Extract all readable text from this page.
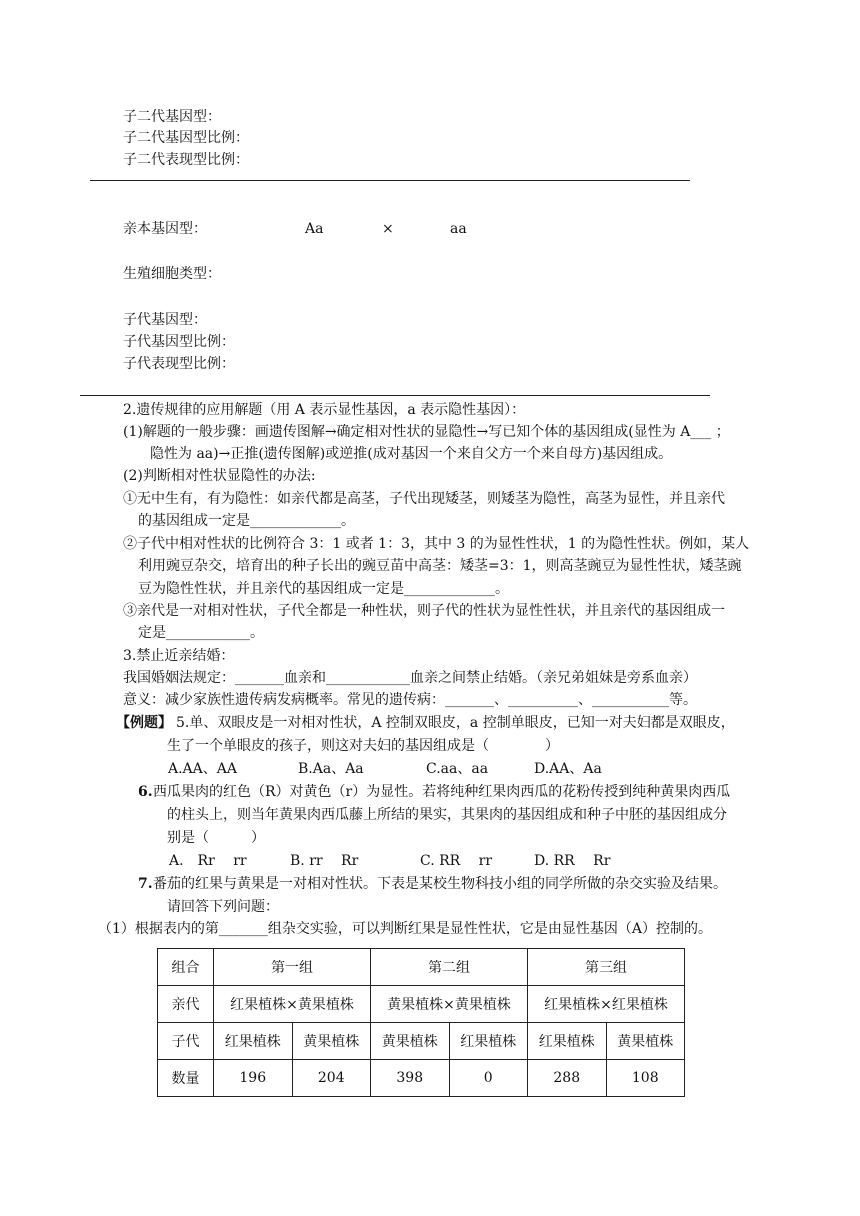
子二代基因型：
子二代基因型比例：
子二代表现型比例：
亲本基因型：	Aa	×	aa
生殖细胞类型：
子代基因型：
子代基因型比例：
子代表现型比例：
2.遗传规律的应用解题（用 A 表示显性基因，a 表示隐性基因）：
(1)解题的一般步骤：画遗传图解→确定相对性状的显隐性→写已知个体的基因组成(显性为 A___ ；
隐性为 aa)→正推(遗传图解)或逆推(成对基因一个来自父方一个来自母方)基因组成。
(2)判断相对性状显隐性的办法:
①无中生有，有为隐性：如亲代都是高茎，子代出现矮茎，则矮茎为隐性，高茎为显性，并且亲代
的基因组成一定是_____________。
②子代中相对性状的比例符合 3：1 或者 1：3，其中 3 的为显性性状，1 的为隐性性状。例如，某人
利用豌豆杂交，培育出的种子长出的豌豆苗中高茎：矮茎=3：1，则高茎豌豆为显性性状，矮茎豌
豆为隐性性状，并且亲代的基因组成一定是_____________。
③亲代是一对相对性状，子代全都是一种性状，则子代的性状为显性性状，并且亲代的基因组成一
定是____________。
3.禁止近亲结婚：
我国婚姻法规定：_______血亲和____________血亲之间禁止结婚。（亲兄弟姐妹是旁系血亲）
意义：减少家族性遗传病发病概率。常见的遗传病：_______、__________、___________等。
【例题】 5.单、双眼皮是一对相对性状，A 控制双眼皮，a 控制单眼皮，已知一对夫妇都是双眼皮，
生了一个单眼皮的孩子，则这对夫妇的基因组成是（　　　　）
A.AA、AA	B.Aa、Aa	C.aa、aa	D.AA、Aa
6. 西瓜果肉的红色（R）对黄色（r）为显性。若将纯种红果肉西瓜的花粉传授到纯种黄果肉西瓜
的柱头上，则当年黄果肉西瓜藤上所结的果实，其果肉的基因组成和种子中胚的基因组成分
别是（　　　）
A.　Rr　 rr	B. rr　 Rr	C. RR　 rr	D. RR　 Rr
7. 番茄的红果与黄果是一对相对性状。下表是某校生物科技小组的同学所做的杂交实验及结果。
请回答下列问题：
（1）根据表内的第_______组杂交实验，可以判断红果是显性性状，它是由显性基因（A）控制的。
组合	第一组		第二组		第三组	
亲代	红果植株×黄果植株		黄果植株×黄果植株		红果植株×红果植株	
子代	红果植株	黄果植株	黄果植株	红果植株	红果植株	黄果植株
数量	196	204	398	0	288	108
